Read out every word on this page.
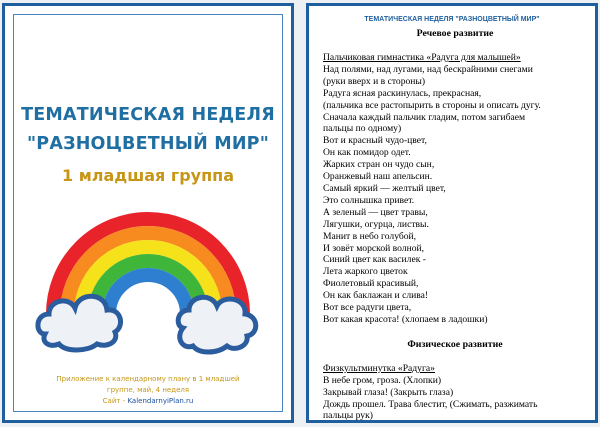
ТЕМАТИЧЕСКАЯ НЕДЕЛЯ
"РАЗНОЦВЕТНЫЙ МИР"
1 младшая группа
Приложение к календарному плану в 1 младшей
группе, май, 4 неделя
Сайт - KalendarnyiPlan.ru
ТЕМАТИЧЕСКАЯ НЕДЕЛЯ "РАЗНОЦВЕТНЫЙ МИР"
Речевое развитие
Пальчиковая гимнастика «Радуга для малышей»
Над полями, над лугами, над бескрайними снегами
(руки вверх и в стороны)
Радуга ясная раскинулась, прекрасная,
(пальчика все растопырить в стороны и описать дугу.
Сначала каждый пальчик гладим, потом загибаем
пальцы по одному)
Вот и красный чудо-цвет,
Он как помидор одет.
Жарких стран он чудо сын,
Оранжевый наш апельсин.
Самый яркий — желтый цвет,
Это солнышка привет.
А зеленый — цвет травы,
Лягушки, огурца, листвы.
Манит в небо голубой,
И зовёт морской волной,
Синий цвет как василек -
Лета жаркого цветок
Фиолетовый красивый,
Он как баклажан и слива!
Вот все радуги цвета,
Вот какая красота! (хлопаем в ладошки)
Физическое развитие
Физкультминутка «Радуга»
В небе гром, гроза. (Хлопки)
Закрывай глаза! (Закрыть глаза)
Дождь прошел. Трава блестит, (Сжимать, разжимать
пальцы рук)
